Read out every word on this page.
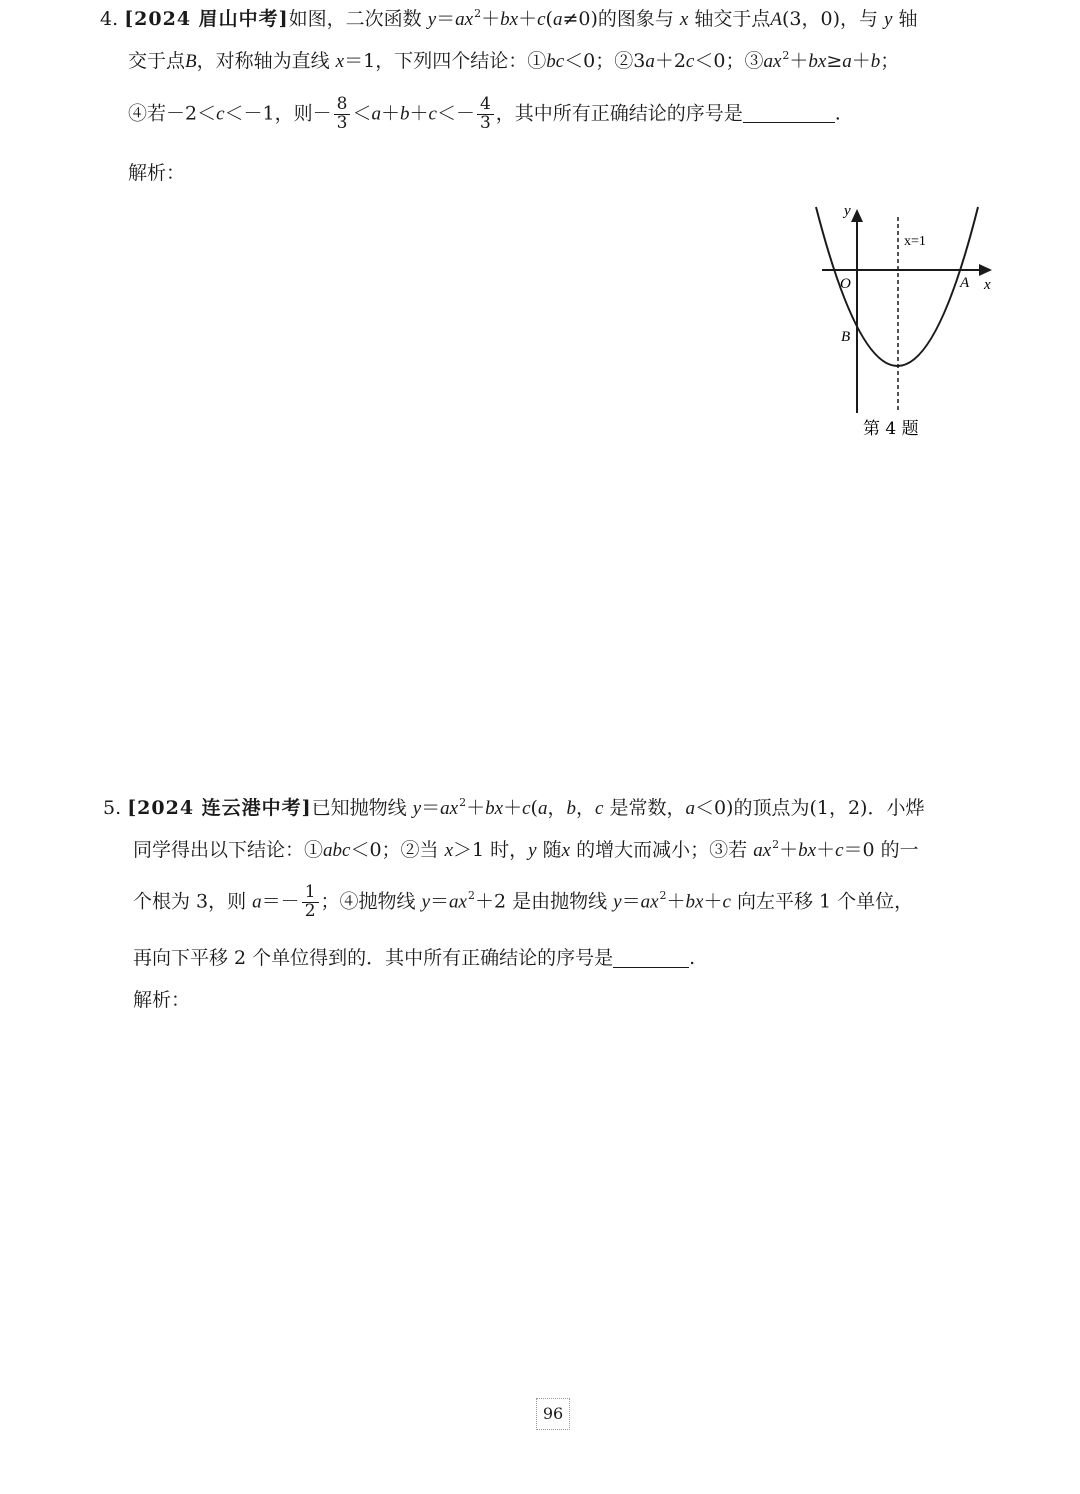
4. [2024 眉山中考]如图，二次函数 $y=ax^2+bx+c(a\ne 0)$的图象与 x 轴交于点A(3，0)，与 y 轴
交于点B，对称轴为直线 x＝1，下列四个结论：①bc＜0；②3a＋2c＜0；$③ax^2+bx\ge a+b$；
④若－2＜c＜－1，则－ $\frac{8}{3} <a+b+c<- \frac{4}{3}$ ，其中所有正确结论的序号是	.
解析：
y
x
x=1
O	A
B
第 4 题
5. [2024 连云港中考]已知抛物线 $y=ax^2+bx+c(a$，b，c 是常数，a＜0)的顶点为(1，2)．小烨
同学得出以下结论：①abc＜0；②当 x＞1 时，y 随x 的增大而减小；③若 $ax^2+bx+c=0$ 的一
个根为 3，则 $a=- \frac{1}{2}$ ；④抛物线 $y=ax^2+2$ 是由抛物线 $y=ax^2+bx+c$ 向左平移 1 个单位，
再向下平移 2 个单位得到的．其中所有正确结论的序号是	.
解析：
96
